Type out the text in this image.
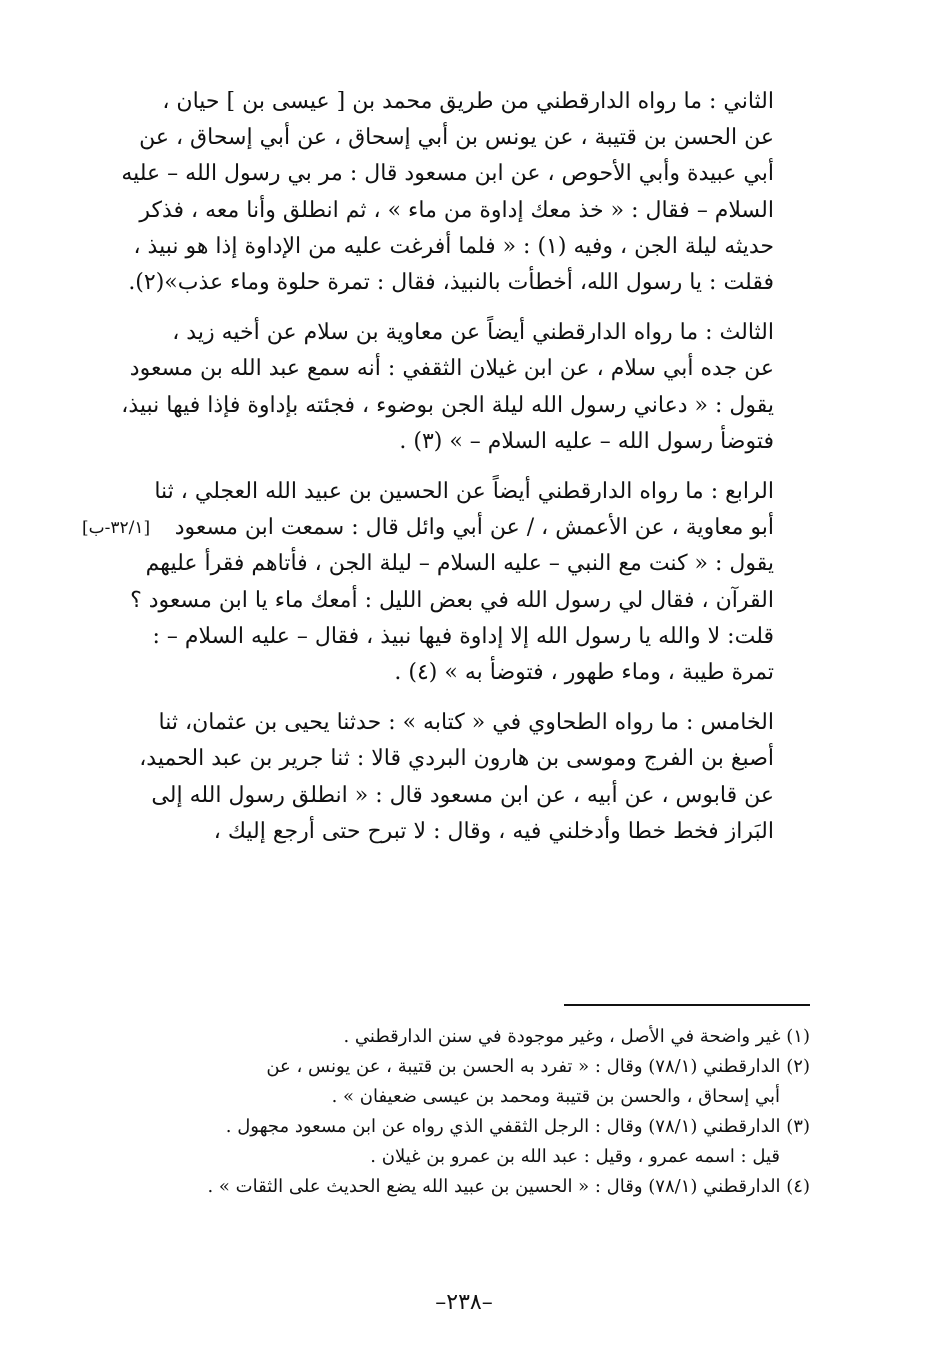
الثاني : ما رواه الدارقطني من طريق محمد بن [ عيسى بن ] حيان ،
عن الحسن بن قتيبة ، عن يونس بن أبي إسحاق ، عن أبي إسحاق ، عن
أبي عبيدة وأبي الأحوص ، عن ابن مسعود قال : مر بي رسول الله – عليه
السلام – فقال : « خذ معك إداوة من ماء » ، ثم انطلق وأنا معه ، فذكر
حديثه ليلة الجن ، وفيه (١) : « فلما أفرغت عليه من الإداوة إذا هو نبيذ ،
فقلت : يا رسول الله، أخطأت بالنبيذ، فقال : تمرة حلوة وماء عذب»(٢).

الثالث : ما رواه الدارقطني أيضاً عن معاوية بن سلام عن أخيه زيد ،
عن جده أبي سلام ، عن ابن غيلان الثقفي : أنه سمع عبد الله بن مسعود
يقول : « دعاني رسول الله ليلة الجن بوضوء ، فجئته بإداوة فإذا فيها نبيذ،
فتوضأ رسول الله – عليه السلام – » (٣) .

[٣٢/١-ب]
الرابع : ما رواه الدارقطني أيضاً عن الحسين بن عبيد الله العجلي ، ثنا
أبو معاوية ، عن الأعمش ، / عن أبي وائل قال : سمعت ابن مسعود
يقول : « كنت مع النبي – عليه السلام – ليلة الجن ، فأتاهم فقرأ عليهم
القرآن ، فقال لي رسول الله في بعض الليل : أمعك ماء يا ابن مسعود ؟
قلت: لا والله يا رسول الله إلا إداوة فيها نبيذ ، فقال – عليه السلام – :
تمرة طيبة ، وماء طهور ، فتوضأ به » (٤) .

الخامس : ما رواه الطحاوي في « كتابه » : حدثنا يحيى بن عثمان، ثنا
أصبغ بن الفرج وموسى بن هارون البردي قالا : ثنا جرير بن عبد الحميد،
عن قابوس ، عن أبيه ، عن ابن مسعود قال : « انطلق رسول الله إلى
البَراز فخط خطا وأدخلني فيه ، وقال : لا تبرح حتى أرجع إليك ،

(١) غير واضحة في الأصل ، وغير موجودة في سنن الدارقطني .

(٢) الدارقطني (٧٨/١) وقال : « تفرد به الحسن بن قتيبة ، عن يونس ، عن

أبي إسحاق ، والحسن بن قتيبة ومحمد بن عيسى ضعيفان » .

(٣) الدارقطني (٧٨/١) وقال : الرجل الثقفي الذي رواه عن ابن مسعود مجهول .

قيل : اسمه عمرو ، وقيل : عبد الله بن عمرو بن غيلان .

(٤) الدارقطني (٧٨/١) وقال : « الحسين بن عبيد الله يضع الحديث على الثقات » .

–٢٣٨–
